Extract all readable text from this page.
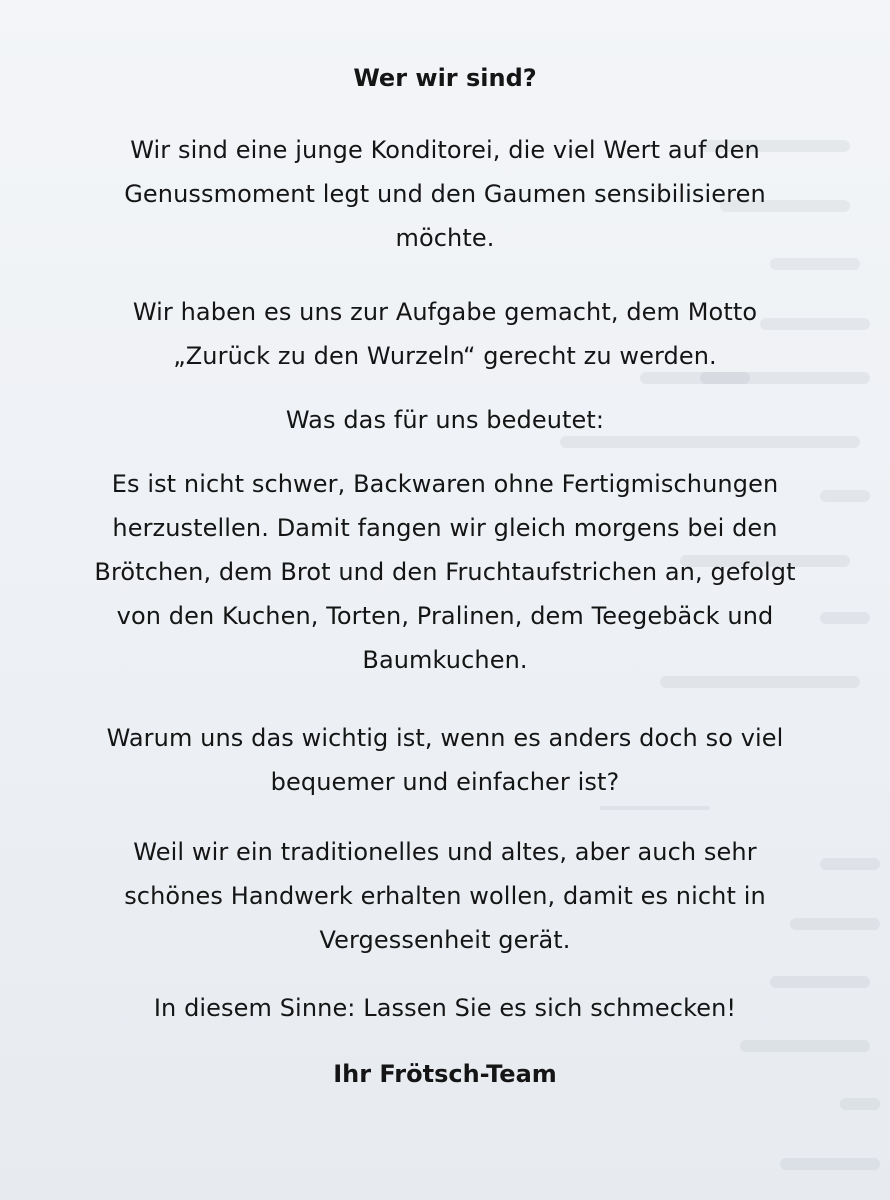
Wer wir sind?
Wir sind eine junge Konditorei, die viel Wert auf den
Genussmoment legt und den Gaumen sensibilisieren
möchte.
Wir haben es uns zur Aufgabe gemacht, dem Motto
„Zurück zu den Wurzeln“ gerecht zu werden.
Was das für uns bedeutet:
Es ist nicht schwer, Backwaren ohne Fertigmischungen
herzustellen. Damit fangen wir gleich morgens bei den
Brötchen, dem Brot und den Fruchtaufstrichen an, gefolgt
von den Kuchen, Torten, Pralinen, dem Teegebäck und
Baumkuchen.
Warum uns das wichtig ist, wenn es anders doch so viel
bequemer und einfacher ist?
Weil wir ein traditionelles und altes, aber auch sehr
schönes Handwerk erhalten wollen, damit es nicht in
Vergessenheit gerät.
In diesem Sinne: Lassen Sie es sich schmecken!
Ihr Frötsch-Team
